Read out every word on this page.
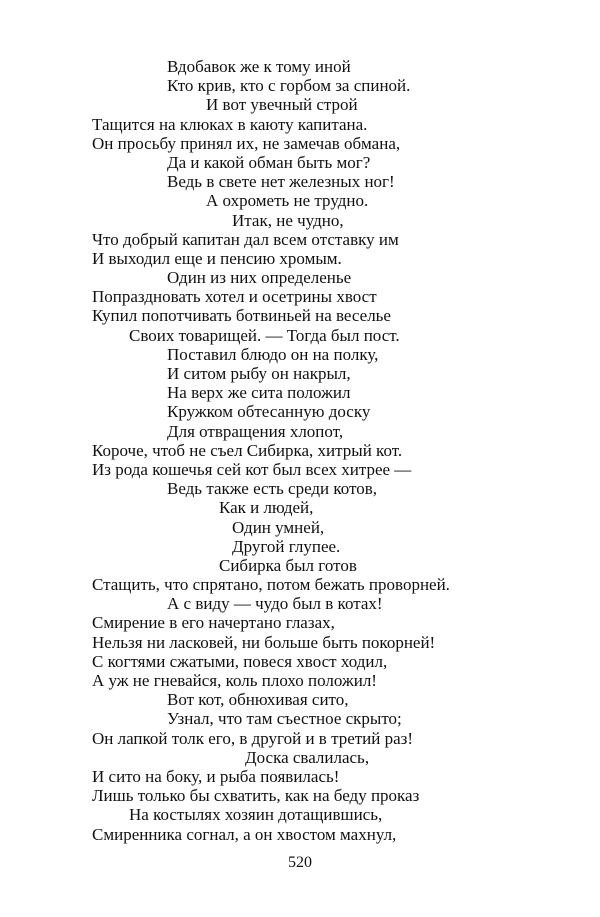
Вдобавок же к тому иной
Кто крив, кто с горбом за спиной.
И вот увечный строй
Тащится на клюках в каюту капитана.
Он просьбу принял их, не замечав обмана,
Да и какой обман быть мог?
Ведь в свете нет железных ног!
А охрометь не трудно.
Итак, не чудно,
Что добрый капитан дал всем отставку им
И выходил еще и пенсию хромым.
Один из них определенье
Попраздновать хотел и осетрины хвост
Купил попотчивать ботвиньей на веселье
Своих товарищей. — Тогда был пост.
Поставил блюдо он на полку,
И ситом рыбу он накрыл,
На верх же сита положил
Кружком обтесанную доску
Для отвращения хлопот,
Короче, чтоб не съел Сибирка, хитрый кот.
Из рода кошечья сей кот был всех хитрее —
Ведь также есть среди котов,
Как и людей,
Один умней,
Другой глупее.
Сибирка был готов
Стащить, что спрятано, потом бежать проворней.
А с виду — чудо был в котах!
Смирение в его начертано глазах,
Нельзя ни ласковей, ни больше быть покорней!
С когтями сжатыми, повеся хвост ходил,
А уж не гневайся, коль плохо положил!
Вот кот, обнюхивая сито,
Узнал, что там съестное скрыто;
Он лапкой толк его, в другой и в третий раз!
Доска свалилась,
И сито на боку, и рыба появилась!
Лишь только бы схватить, как на беду проказ
На костылях хозяин дотащившись,
Смиренника согнал, а он хвостом махнул,
520
